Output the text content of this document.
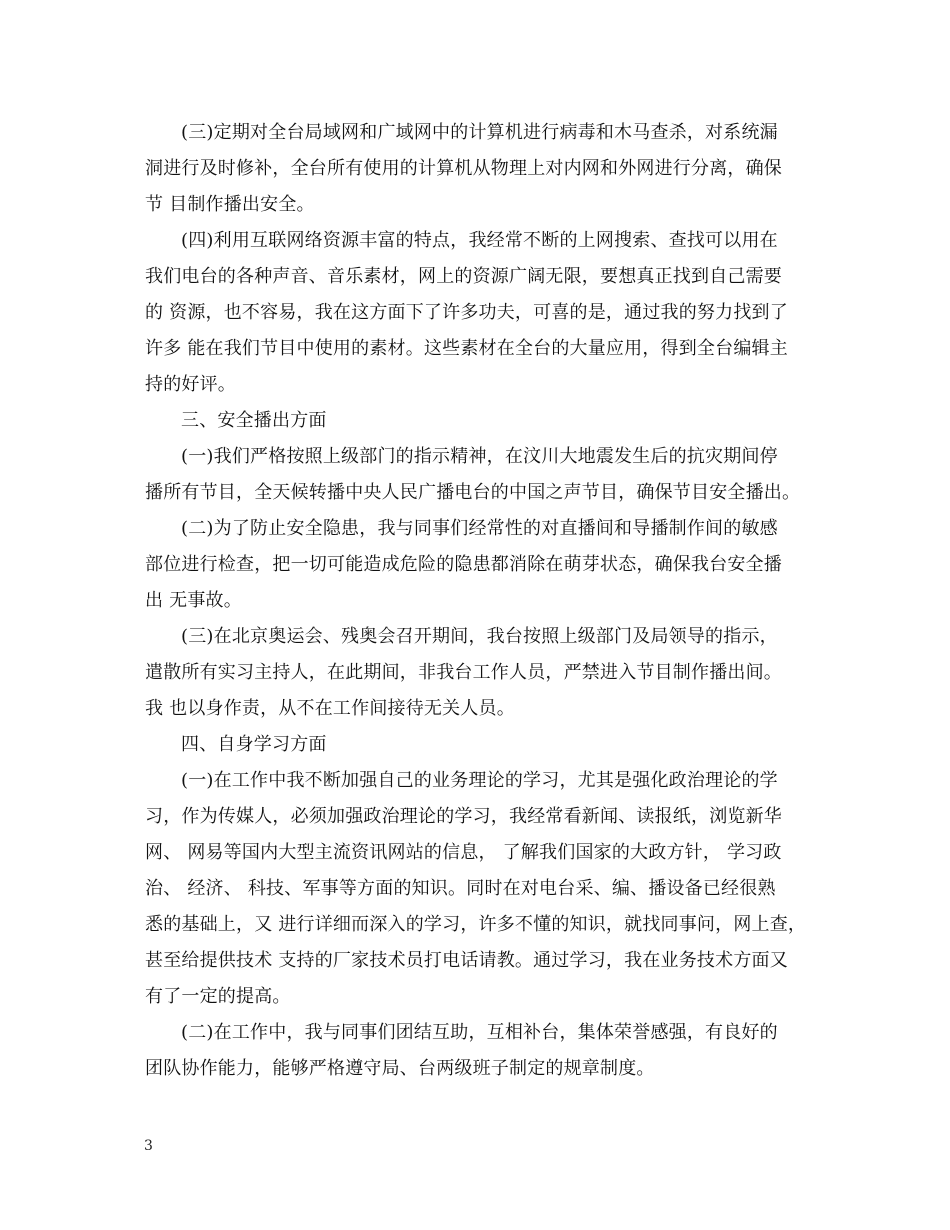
(三)定期对全台局域网和广域网中的计算机进行病毒和木马查杀，对系统漏
洞进行及时修补，全台所有使用的计算机从物理上对内网和外网进行分离，确保
节 目制作播出安全。
(四)利用互联网络资源丰富的特点，我经常不断的上网搜索、查找可以用在
我们电台的各种声音、音乐素材，网上的资源广阔无限，要想真正找到自己需要
的 资源，也不容易，我在这方面下了许多功夫，可喜的是，通过我的努力找到了
许多 能在我们节目中使用的素材。这些素材在全台的大量应用，得到全台编辑主
持的好评。
三、安全播出方面
(一)我们严格按照上级部门的指示精神，在汶川大地震发生后的抗灾期间停
播所有节目，全天候转播中央人民广播电台的中国之声节目，确保节目安全播出。
(二)为了防止安全隐患，我与同事们经常性的对直播间和导播制作间的敏感
部位进行检查，把一切可能造成危险的隐患都消除在萌芽状态，确保我台安全播
出 无事故。
(三)在北京奥运会、残奥会召开期间，我台按照上级部门及局领导的指示，
遣散所有实习主持人，在此期间，非我台工作人员，严禁进入节目制作播出间。
我 也以身作责，从不在工作间接待无关人员。
四、自身学习方面
(一)在工作中我不断加强自己的业务理论的学习，尤其是强化政治理论的学
习，作为传媒人，必须加强政治理论的学习，我经常看新闻、读报纸，浏览新华
网、 网易等国内大型主流资讯网站的信息， 了解我们国家的大政方针， 学习政
治、 经济、 科技、军事等方面的知识。同时在对电台采、编、播设备已经很熟
悉的基础上，又 进行详细而深入的学习，许多不懂的知识，就找同事问，网上查，
甚至给提供技术 支持的厂家技术员打电话请教。通过学习，我在业务技术方面又
有了一定的提高。
(二)在工作中，我与同事们团结互助，互相补台，集体荣誉感强，有良好的
团队协作能力，能够严格遵守局、台两级班子制定的规章制度。
3
